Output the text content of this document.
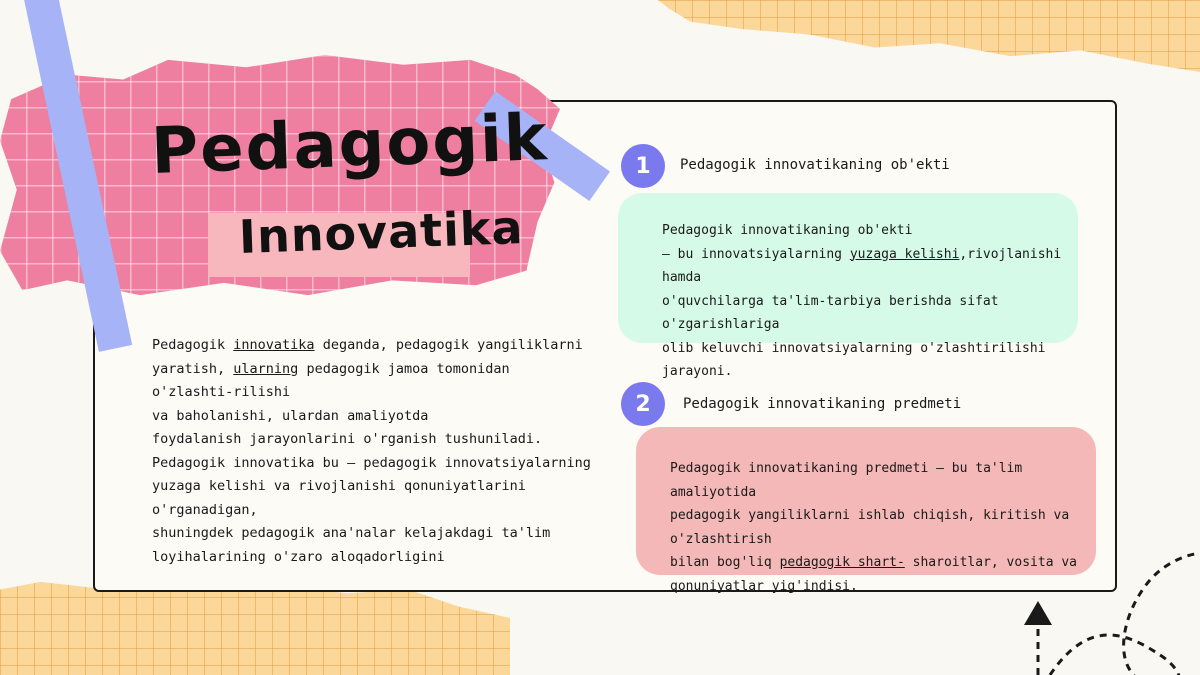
Pedagogik
Innovatika
Pedagogik innovatika deganda, pedagogik yangiliklarni
yaratish, ularning pedagogik jamoa tomonidan o'zlashti-rilishi
va baholanishi, ulardan amaliyotda
foydalanish jarayonlarini o'rganish tushuniladi.
Pedagogik innovatika bu – pedagogik innovatsiyalarning
yuzaga kelishi va rivojlanishi qonuniyatlarini o'rganadigan,
shuningdek pedagogik ana'nalar kelajakdagi ta'lim
loyihalarining o'zaro aloqadorligini
1	Pedagogik innovatikaning ob'ekti
Pedagogik innovatikaning ob'ekti
– bu innovatsiyalarning yuzaga kelishi,rivojlanishi hamda
o'quvchilarga ta'lim-tarbiya berishda sifat o'zgarishlariga
olib keluvchi innovatsiyalarning o'zlashtirilishi jarayoni.
2	Pedagogik innovatikaning predmeti
Pedagogik innovatikaning predmeti – bu ta'lim amaliyotida
pedagogik yangiliklarni ishlab chiqish, kiritish va o'zlashtirish
bilan bog'liq pedagogik shart- sharoitlar, vosita va
qonuniyatlar yig'indisi.
